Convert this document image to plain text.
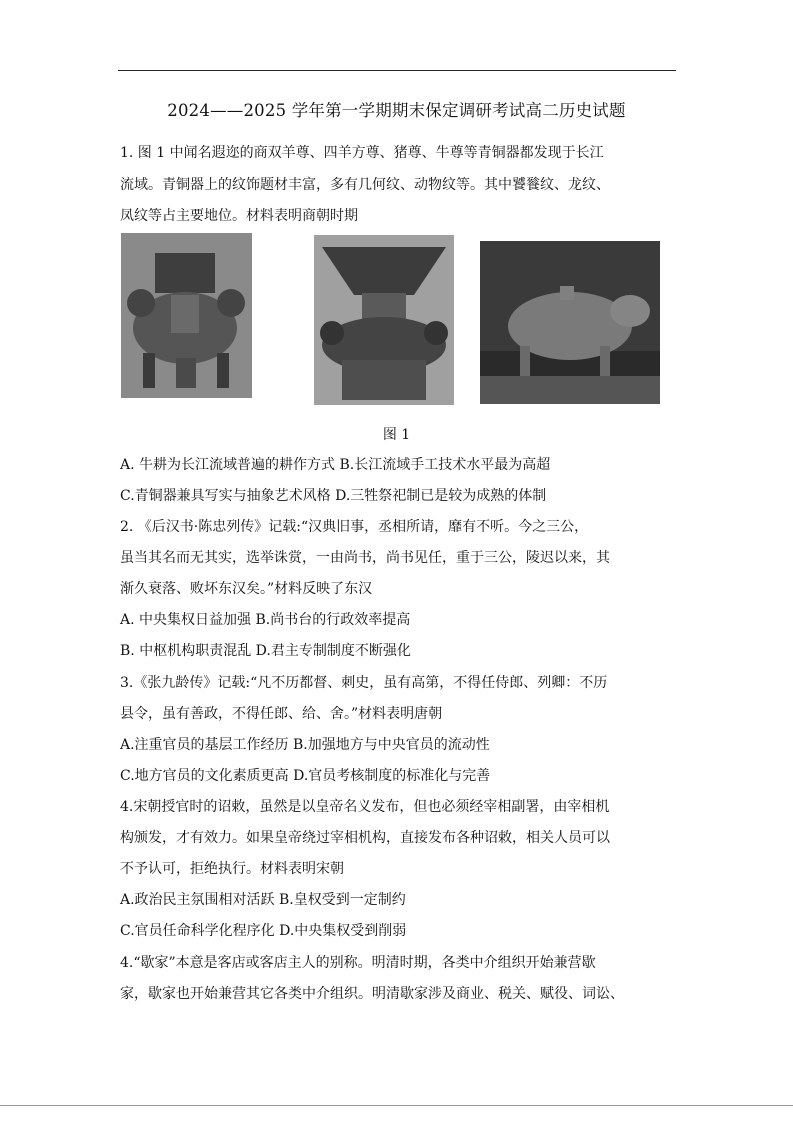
2024——2025 学年第一学期期末保定调研考试高二历史试题
1. 图 1 中闻名遐迩的商双羊尊、四羊方尊、猪尊、牛尊等青铜器都发现于长江
流域。青铜器上的纹饰题材丰富，多有几何纹、动物纹等。其中饕餮纹、龙纹、
凤纹等占主要地位。材料表明商朝时期
图 1
A. 牛耕为长江流域普遍的耕作方式 B.长江流域手工技术水平最为高超
C.青铜器兼具写实与抽象艺术风格 D.三牲祭祀制已是较为成熟的体制
2. 《后汉书·陈忠列传》记载:“汉典旧事，丞相所请，靡有不听。今之三公，
虽当其名而无其实，选举诛赏，一由尚书，尚书见任，重于三公，陵迟以来，其
渐久衰落、败坏东汉矣。”材料反映了东汉
A. 中央集权日益加强 B.尚书台的行政效率提高
B. 中枢机构职责混乱 D.君主专制制度不断强化
3.《张九龄传》记载:“凡不历都督、刺史，虽有高第，不得任侍郎、列卿：不历
县令，虽有善政，不得任郎、给、舍。”材料表明唐朝
A.注重官员的基层工作经历 B.加强地方与中央官员的流动性
C.地方官员的文化素质更高 D.官员考核制度的标准化与完善
4.宋朝授官时的诏敕，虽然是以皇帝名义发布，但也必须经宰相副署，由宰相机
构颁发，才有效力。如果皇帝绕过宰相机构，直接发布各种诏敕，相关人员可以
不予认可，拒绝执行。材料表明宋朝
A.政治民主氛围相对活跃 B.皇权受到一定制约
C.官员任命科学化程序化 D.中央集权受到削弱
4.“歇家”本意是客店或客店主人的别称。明清时期，各类中介组织开始兼营歇
家，歇家也开始兼营其它各类中介组织。明清歇家涉及商业、税关、赋役、词讼、
